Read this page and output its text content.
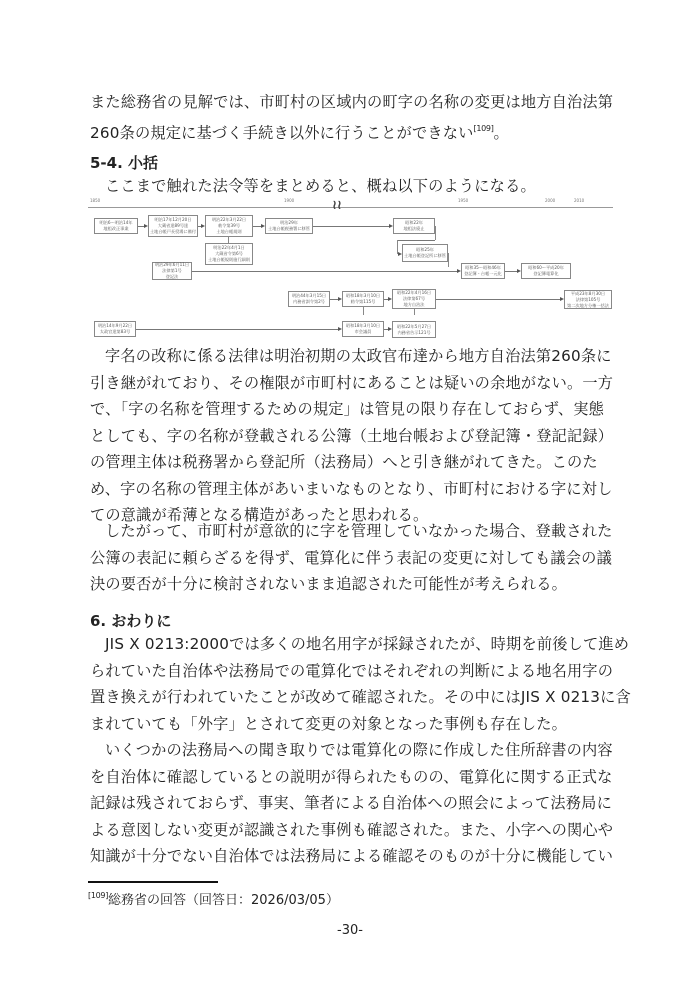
また総務省の見解では、市町村の区域内の町字の名称の変更は地方自治法第
260条の規定に基づく手続き以外に行うことができない[109]。
5-4. 小括
ここまで触れた法令等をまとめると、概ね以下のようになる。
1850	1900	1950	2000	2010
≀≀
明治6～明治14年
地租改正事業
明治17年12月20日
大蔵省達89号達
土地台帳戸長役場に備付
明治22年3月22日
勅令第39号
土地台帳規則
明治22年4月1日
大蔵省令第6号
土地台帳規則施行細則
明治29年
土地台帳税務署に移管
昭和22年
地租法廃止
昭和25年
土地台帳登記所に移管
明治29年6月11日
法律第1号
登記法
昭和35～昭和46年
登記簿・台帳一元化
昭和60～平成20年
登記簿電算化
明治44年3月15日
内務省訓令第2号
昭和18年3月10日
勅令第115号
昭和22年4月16日
法律第67号
地方自治法
平成23年8月30日
法律第105号
第二次地方分権一括法
明治14年9月22日
太政官達第83号
昭和18年3月10日
市会議員
昭和22年5月27日
内務省告示121号
字名の改称に係る法律は明治初期の太政官布達から地方自治法第260条に
引き継がれており、その権限が市町村にあることは疑いの余地がない。一方
で、「字の名称を管理するための規定」は管見の限り存在しておらず、実態
としても、字の名称が登載される公簿（土地台帳および登記簿・登記記録）
の管理主体は税務署から登記所（法務局）へと引き継がれてきた。このた
め、字の名称の管理主体があいまいなものとなり、市町村における字に対し
ての意識が希薄となる構造があったと思われる。
したがって、市町村が意欲的に字を管理していなかった場合、登載された
公簿の表記に頼らざるを得ず、電算化に伴う表記の変更に対しても議会の議
決の要否が十分に検討されないまま追認された可能性が考えられる。
6. おわりに
JIS X 0213:2000では多くの地名用字が採録されたが、時期を前後して進め
られていた自治体や法務局での電算化ではそれぞれの判断による地名用字の
置き換えが行われていたことが改めて確認された。その中にはJIS X 0213に含
まれていても「外字」とされて変更の対象となった事例も存在した。
いくつかの法務局への聞き取りでは電算化の際に作成した住所辞書の内容
を自治体に確認しているとの説明が得られたものの、電算化に関する正式な
記録は残されておらず、事実、筆者による自治体への照会によって法務局に
よる意図しない変更が認識された事例も確認された。また、小字への関心や
知識が十分でない自治体では法務局による確認そのものが十分に機能してい
[109]総務省の回答（回答日：2026/03/05）
-30-
